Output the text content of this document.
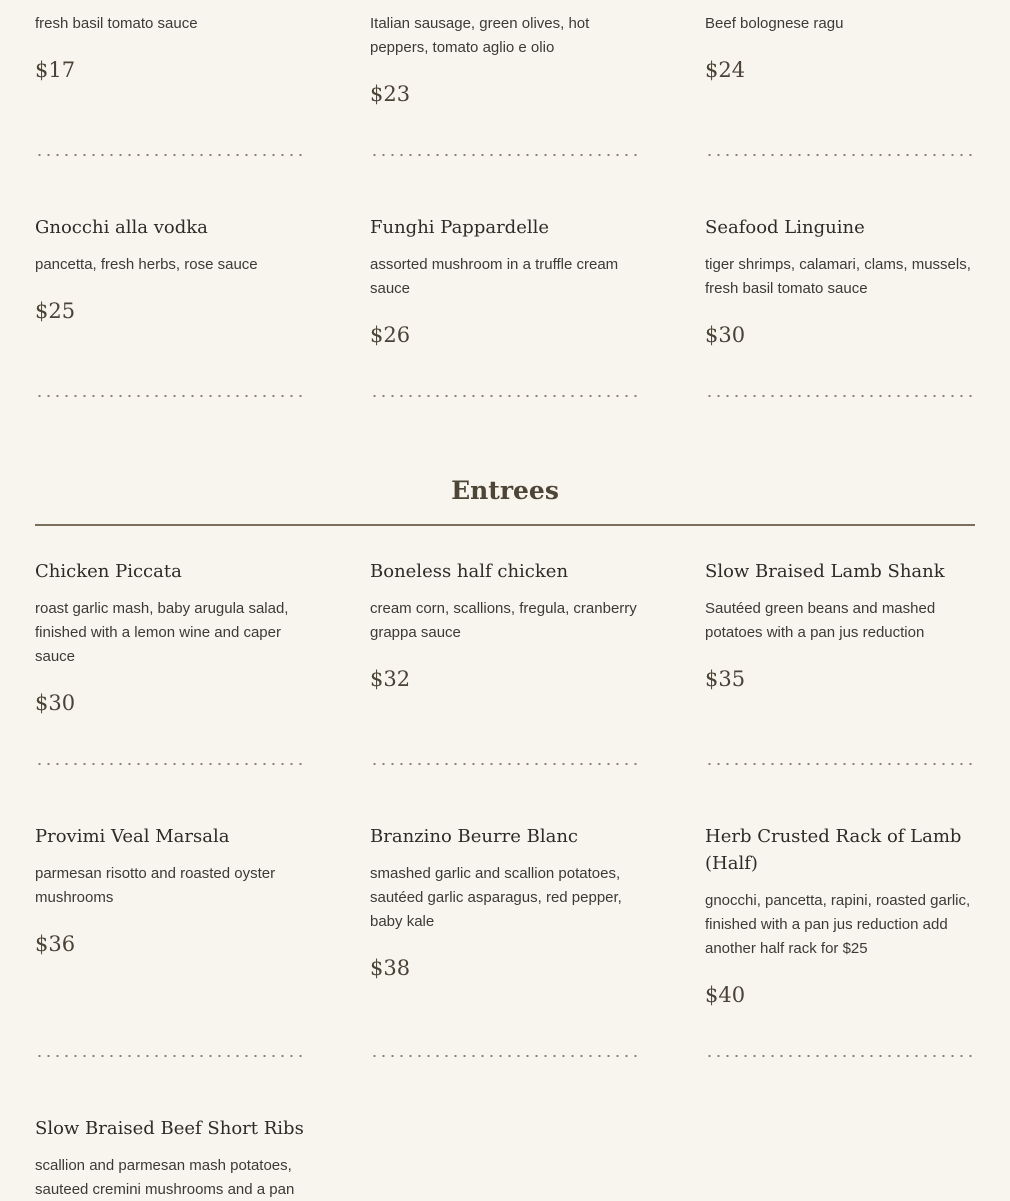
fresh basil tomato sauce

$17

Italian sausage, green olives, hot peppers, tomato aglio e olio

$23

Beef bolognese ragu

$24
Gnocchi alla vodka

pancetta, fresh herbs, rose sauce

$25
Funghi Pappardelle

assorted mushroom in a truffle cream sauce

$26
Seafood Linguine

tiger shrimps, calamari, clams, mussels, fresh basil tomato sauce

$30
Entrees
Chicken Piccata

roast garlic mash, baby arugula salad, finished with a lemon wine and caper sauce

$30
Boneless half chicken

cream corn, scallions, fregula, cranberry grappa sauce

$32
Slow Braised Lamb Shank

Sautéed green beans and mashed potatoes with a pan jus reduction

$35
Provimi Veal Marsala

parmesan risotto and roasted oyster mushrooms

$36
Branzino Beurre Blanc

smashed garlic and scallion potatoes, sautéed garlic asparagus, red pepper, baby kale

$38
Herb Crusted Rack of Lamb (Half)

gnocchi, pancetta, rapini, roasted garlic, finished with a pan jus reduction add another half rack for $25

$40
Slow Braised Beef Short Ribs

scallion and parmesan mash potatoes, sauteed cremini mushrooms and a pan
